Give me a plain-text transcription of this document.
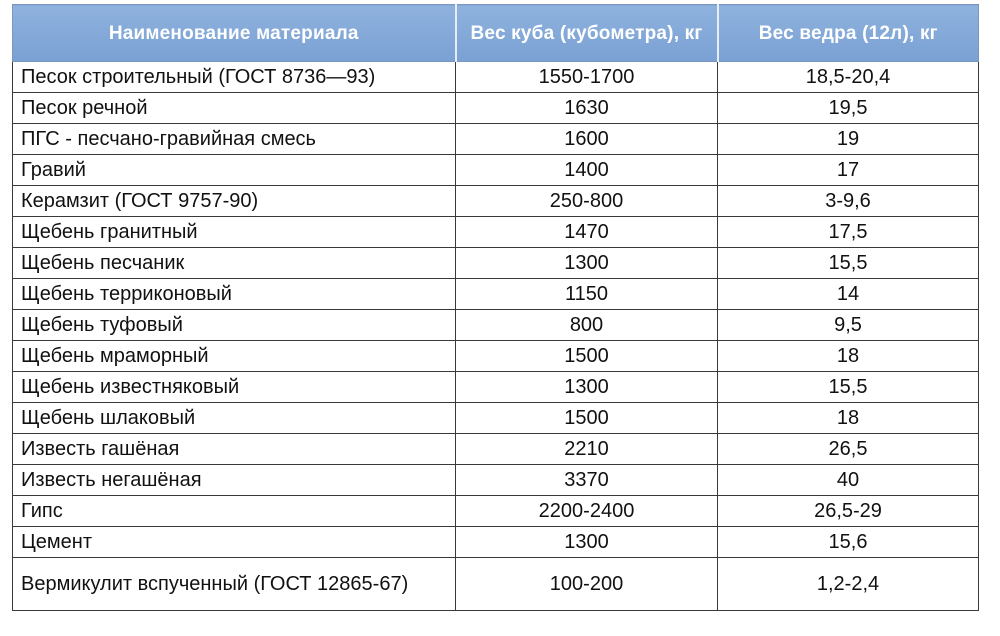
Наименование материала	Вес куба (кубометра), кг	Вес ведра (12л), кг
Песок строительный (ГОСТ 8736—93)	1550-1700	18,5-20,4
Песок речной	1630	19,5
ПГС - песчано-гравийная смесь	1600	19
Гравий	1400	17
Керамзит (ГОСТ 9757-90)	250-800	3-9,6
Щебень гранитный	1470	17,5
Щебень песчаник	1300	15,5
Щебень терриконовый	1150	14
Щебень туфовый	800	9,5
Щебень мраморный	1500	18
Щебень известняковый	1300	15,5
Щебень шлаковый	1500	18
Известь гашёная	2210	26,5
Известь негашёная	3370	40
Гипс	2200-2400	26,5-29
Цемент	1300	15,6
Вермикулит вспученный (ГОСТ 12865-67)	100-200	1,2-2,4
